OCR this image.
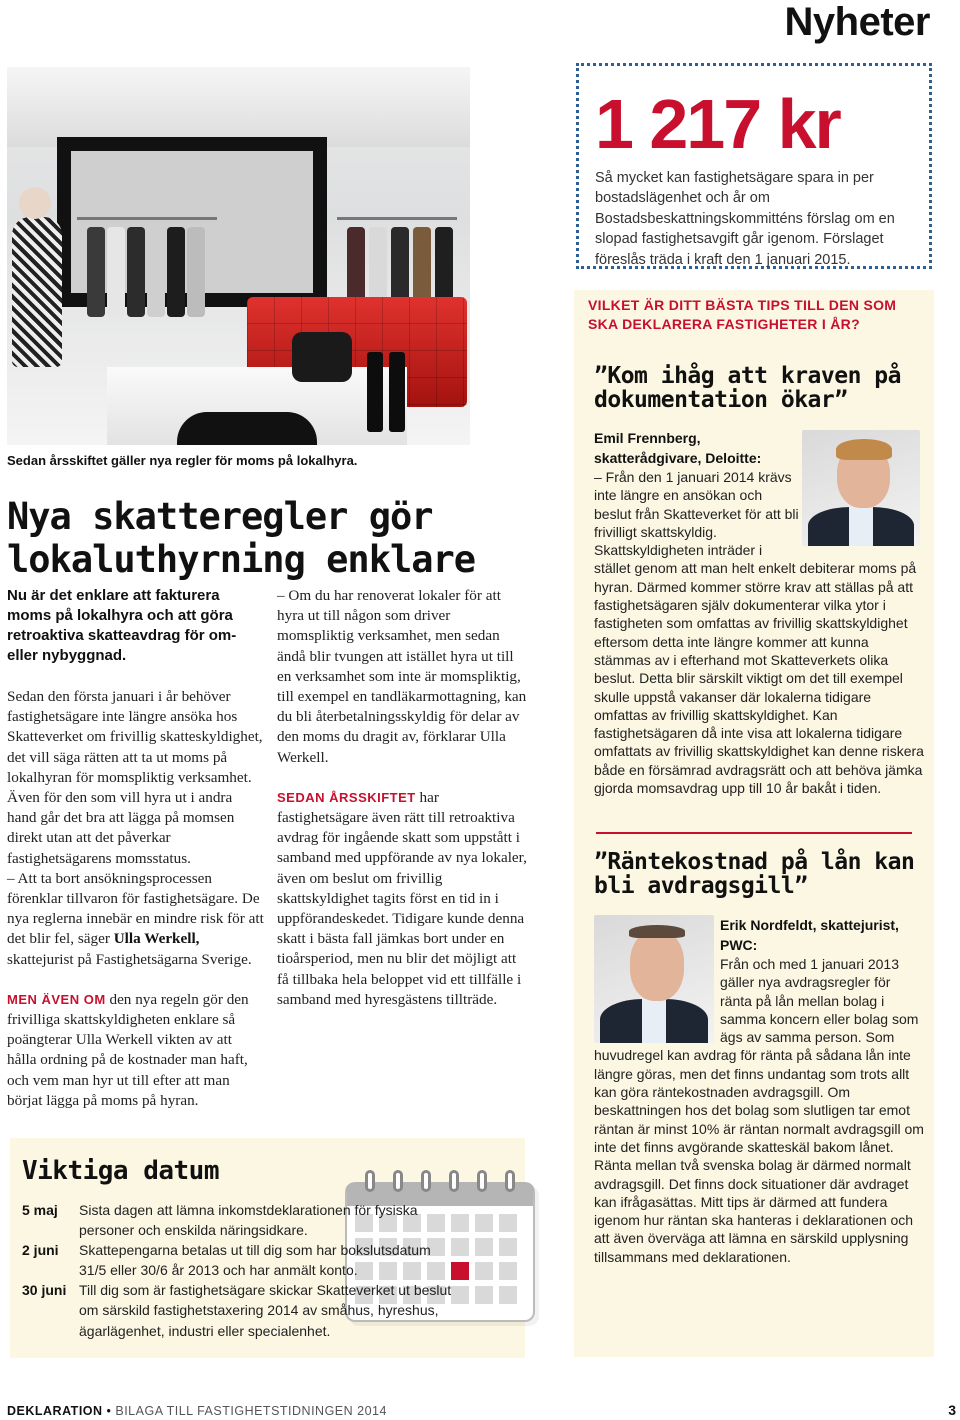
Nyheter
Sedan årsskiftet gäller nya regler för moms på lokalhyra.
Nya skatteregler gör lokaluthyrning enklare
Nu är det enklare att fakturera moms på lokalhyra och att göra retroaktiva skatteavdrag för om- eller nybyggnad.

Sedan den första januari i år behöver fastighetsägare inte längre ansöka hos Skatteverket om frivillig skatteskyldighet, det vill säga rätten att ta ut moms på lokalhyran för momspliktig verksamhet. Även för den som vill hyra ut i andra hand går det bra att lägga på momsen direkt utan att det påverkar fastighetsägarens momsstatus.

– Att ta bort ansökningsprocessen förenklar tillvaron för fastighetsägare. De nya reglerna innebär en mindre risk för att det blir fel, säger Ulla Werkell, skattejurist på Fastighetsägarna Sverige.

MEN ÄVEN OM den nya regeln gör den frivilliga skattskyldigheten enklare så poängterar Ulla Werkell vikten av att hålla ordning på de kostnader man haft, och vem man hyr ut till efter att man börjat lägga på moms på hyran.

– Om du har renoverat lokaler för att hyra ut till någon som driver momspliktig verksamhet, men sedan ändå blir tvungen att istället hyra ut till en verksamhet som inte är momspliktig, till exempel en tandläkarmottagning, kan du bli återbetalningsskyldig för delar av den moms du dragit av, förklarar Ulla Werkell.

SEDAN ÅRSSKIFTET har fastighetsägare även rätt till retroaktiva avdrag för ingående skatt som uppstått i samband med uppförande av nya lokaler, även om beslut om frivillig skattskyldighet tagits först en tid in i uppförandeskedet. Tidigare kunde denna skatt i bästa fall jämkas bort under en tioårsperiod, men nu blir det möjligt att få tillbaka hela beloppet vid ett tillfälle i samband med hyresgästens tillträde.

1 217 kr
Så mycket kan fastighetsägare spara in per bostadslägenhet och år om Bostadsbeskattningskommitténs förslag om en slopad fastighetsavgift går igenom. Förslaget föreslås träda i kraft den 1 januari 2015.
VILKET ÄR DITT BÄSTA TIPS TILL DEN SOM SKA DEKLARERA FASTIGHETER I ÅR?
”Kom ihåg att kraven på dokumentation ökar”
Emil Frennberg, skatterådgivare, Deloitte:

– Från den 1 januari 2014 krävs inte längre en ansökan och beslut från Skatteverket för att bli frivilligt skattskyldig. Skattskyldigheten inträder i stället genom att man helt enkelt debiterar moms på hyran. Därmed kommer större krav att ställas på att fastighetsägaren själv dokumenterar vilka ytor i fastigheten som omfattas av frivillig skattskyldighet eftersom detta inte längre kommer att kunna stämmas av i efterhand mot Skatteverkets olika beslut. Detta blir särskilt viktigt om det till exempel skulle uppstå vakanser där lokalerna tidigare omfattas av frivillig skattskyldighet. Kan fastighetsägaren då inte visa att lokalerna tidigare omfattats av frivillig skattskyldighet kan denne riskera både en försämrad avdragsrätt och att behöva jämka gjorda momsavdrag upp till 10 år bakåt i tiden.

”Räntekostnad på lån kan bli avdragsgill”
Erik Nordfeldt, skattejurist, PWC:

Från och med 1 januari 2013 gäller nya avdragsregler för ränta på lån mellan bolag i samma koncern eller bolag som ägs av samma person. Som huvudregel kan avdrag för ränta på sådana lån inte längre göras, men det finns undantag som trots allt kan göra räntekostnaden avdragsgill. Om beskattningen hos det bolag som slutligen tar emot räntan är minst 10% är räntan normalt avdragsgill om inte det finns avgörande skatteskäl bakom lånet. Ränta mellan två svenska bolag är därmed normalt avdragsgill. Det finns dock situationer där avdraget kan ifrågasättas. Mitt tips är därmed att fundera igenom hur räntan ska hanteras i deklarationen och att även överväga att lämna en särskild upplysning tillsammans med deklarationen.

Viktiga datum
5 maj	Sista dagen att lämna inkomstdeklarationen för fysiska personer och enskilda näringsidkare.
2 juni	Skattepengarna betalas ut till dig som har bokslutsdatum 31/5 eller 30/6 år 2013 och har anmält konto.
30 juni Till dig som är fastighetsägare skickar Skatteverket ut beslut om särskild fastighetstaxering 2014 av småhus, hyreshus, ägarlägenhet, industri eller specialenhet.
DEKLARATION • BILAGA TILL FASTIGHETSTIDNINGEN 2014	3
